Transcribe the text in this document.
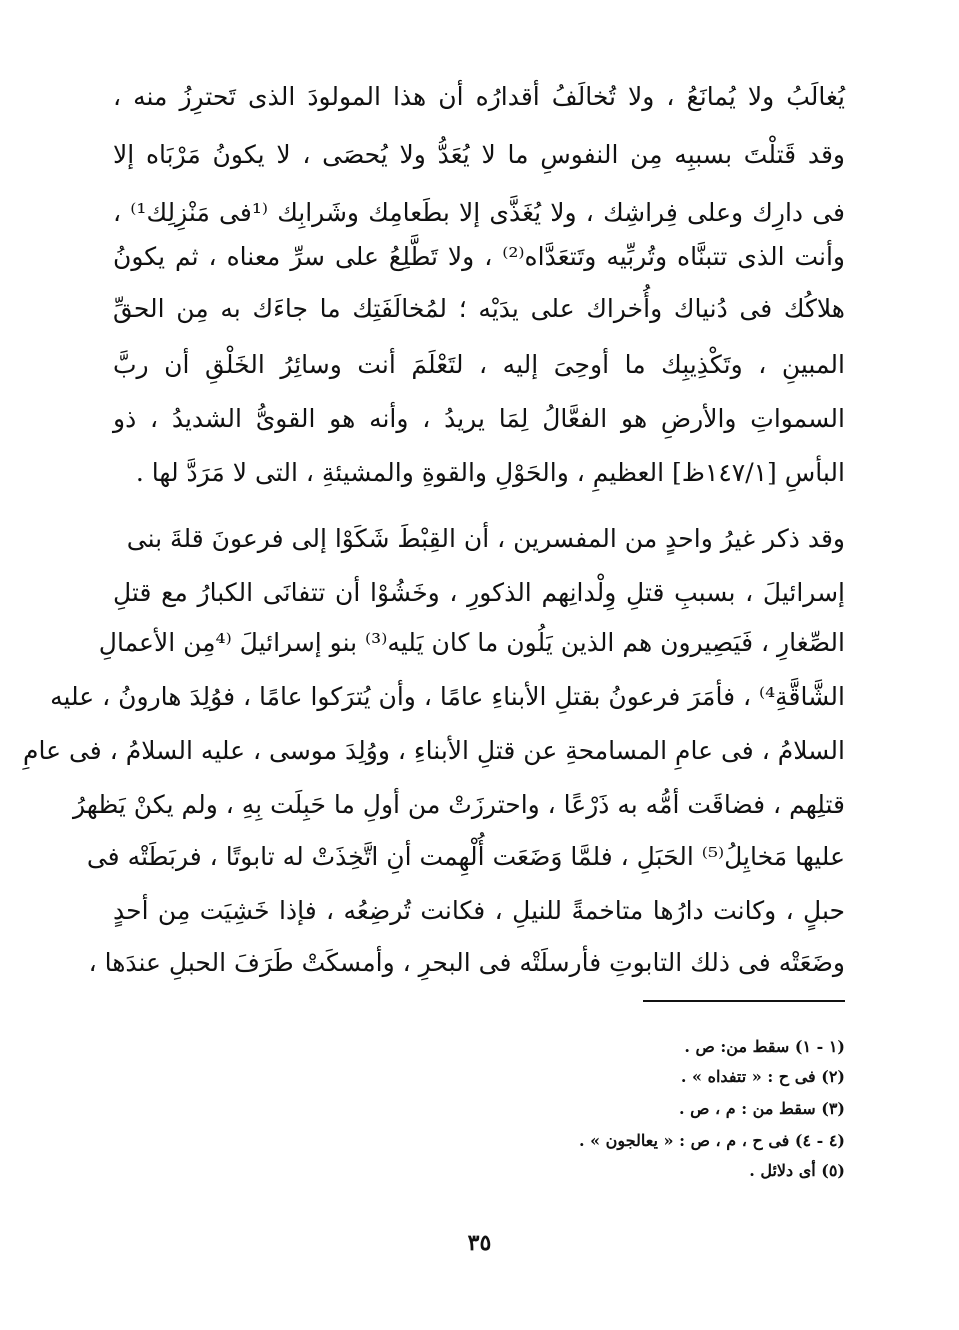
يُغالَبُ ولا يُمانَعُ ، ولا تُخالَفُ أقدارُه أن هذا المولودَ الذى تَحترِزُ منه ،
وقد قَتلْتَ بسببِه مِن النفوسِ ما لا يُعَدُّ ولا يُحصَى ، لا يكونُ مَرْبَاه إلا
فى دارِك وعلى فِراشِك ، ولا يُغَذَّى إلا بطَعامِك وشَرابِك ⁽¹فى مَنْزِلِك¹⁾ ،
وأنت الذى تتبنَّاه وتُربِّيه وتَتعَدَّاه⁽²⁾ ، ولا تَطَّلِعُ على سرِّ معناه ، ثم يكونُ
هلاكُك فى دُنياك وأُخراك على يدَيْه ؛ لمُخالَفَتِك ما جاءَك به مِن الحقِّ
المبينِ ، وتَكْذِيبِك ما أوحِىَ إليه ، لتَعْلَمَ أنت وسائِرُ الخَلْقِ أن ربَّ
السمواتِ والأرضِ هو الفعَّالُ لِمَا يريدُ ، وأنه هو القوىُّ الشديدُ ، ذو
البأسِ [١٤٧/١ظ] العظيمِ ، والحَوْلِ والقوةِ والمشيئةِ ، التى لا مَرَدَّ لها .
وقد ذكر غيرُ واحدٍ من المفسرين ، أن القِبْطَ شَكَوْا إلى فرعونَ قلةَ بنى
إسرائيلَ ، بسببِ قتلِ وِلْدانِهم الذكورِ ، وخَشُوْا أن تتفانَى الكبارُ مع قتلِ
الصِّغارِ ، فَيَصِيرون هم الذين يَلُون ما كان يَليه⁽³⁾ بنو إسرائيلَ ⁽⁴مِن الأعمالِ
الشَّاقَّةِ⁴⁾ ، فأمَرَ فرعونُ بقتلِ الأبناءِ عامًا ، وأن يُترَكوا عامًا ، فوُلِدَ هارونُ ، عليه
السلامُ ، فى عامِ المسامحةِ عن قتلِ الأبناءِ ، ووُلِدَ موسى ، عليه السلامُ ، فى عامِ
قتلِهم ، فضاقَت أمُّه به ذَرْعًا ، واحترزَتْ من أولِ ما حَبِلَت بِهِ ، ولم يكنْ يَظهرُ
عليها مَخايِلُ⁽⁵⁾ الحَبَلِ ، فلمَّا وَضَعَت أُلْهِمت أنِ اتَّخِذَتْ له تابوتًا ، فربَطَتْه فى
حبلٍ ، وكانت دارُها متاخمةً للنيلِ ، فكانت تُرضِعُه ، فإذا خَشِيَت مِن أحدٍ
وضَعَتْه فى ذلك التابوتِ فأرسلَتْه فى البحرِ ، وأمسكَتْ طَرَفَ الحبلِ عندَها ،
(١ - ١) سقط من: ص .
(٢) فى ح : « تتفداه » .
(٣) سقط من : م ، ص .
(٤ - ٤) فى ح ، م ، ص : « يعالجون » .
(٥) أى دلائل .
٣٥
